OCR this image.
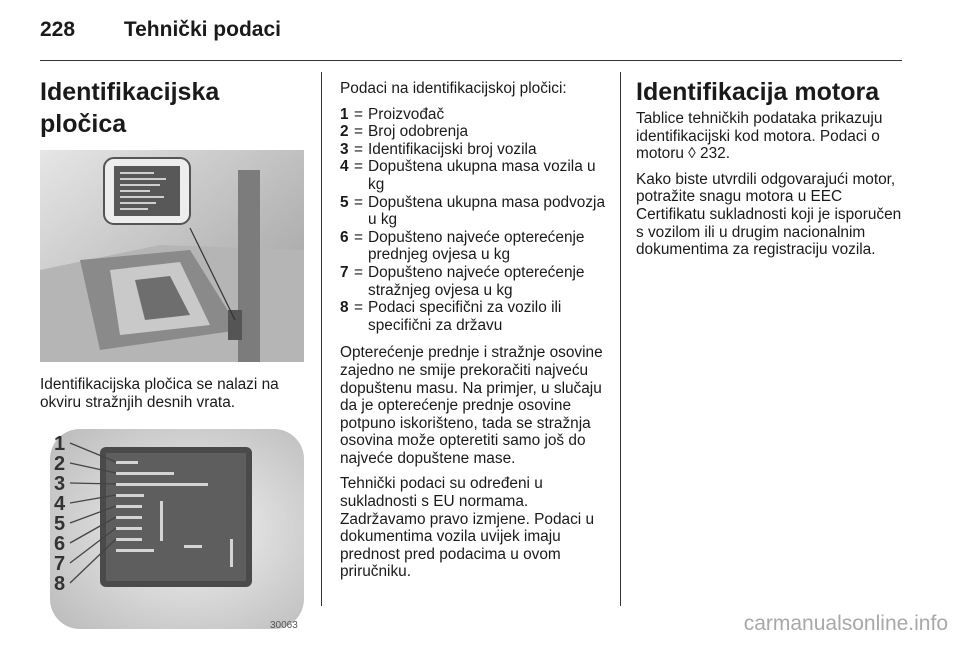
228 Tehnički podaci
Identifikacijska pločica

Identifikacijska pločica se nalazi na okviru stražnjih desnih vrata.

1
2
3
4
5
6
7
8
30063

Podaci na identifikacijskoj pločici:

1 = Proizvođač
2 = Broj odobrenja
3 = Identifikacijski broj vozila
4 = Dopuštena ukupna masa vozila u kg
5 = Dopuštena ukupna masa podvozja u kg
6 = Dopušteno najveće opterećenje prednjeg ovjesa u kg
7 = Dopušteno najveće opterećenje stražnjeg ovjesa u kg
8 = Podaci specifični za vozilo ili specifični za državu

Opterećenje prednje i stražnje osovine zajedno ne smije prekoračiti najveću dopuštenu masu. Na primjer, u slučaju da je opterećenje prednje osovine potpuno iskorišteno, tada se stražnja osovina može opteretiti samo još do najveće dopuštene mase.

Tehnički podaci su određeni u sukladnosti s EU normama. Zadržavamo pravo izmjene. Podaci u dokumentima vozila uvijek imaju prednost pred podacima u ovom priručniku.

Identifikacija motora

Tablice tehničkih podataka prikazuju identifikacijski kod motora. Podaci o motoru ◊ 232.

Kako biste utvrdili odgovarajući motor, potražite snagu motora u EEC Certifikatu sukladnosti koji je isporučen s vozilom ili u drugim nacionalnim dokumentima za registraciju vozila.

carmanualsonline.info
